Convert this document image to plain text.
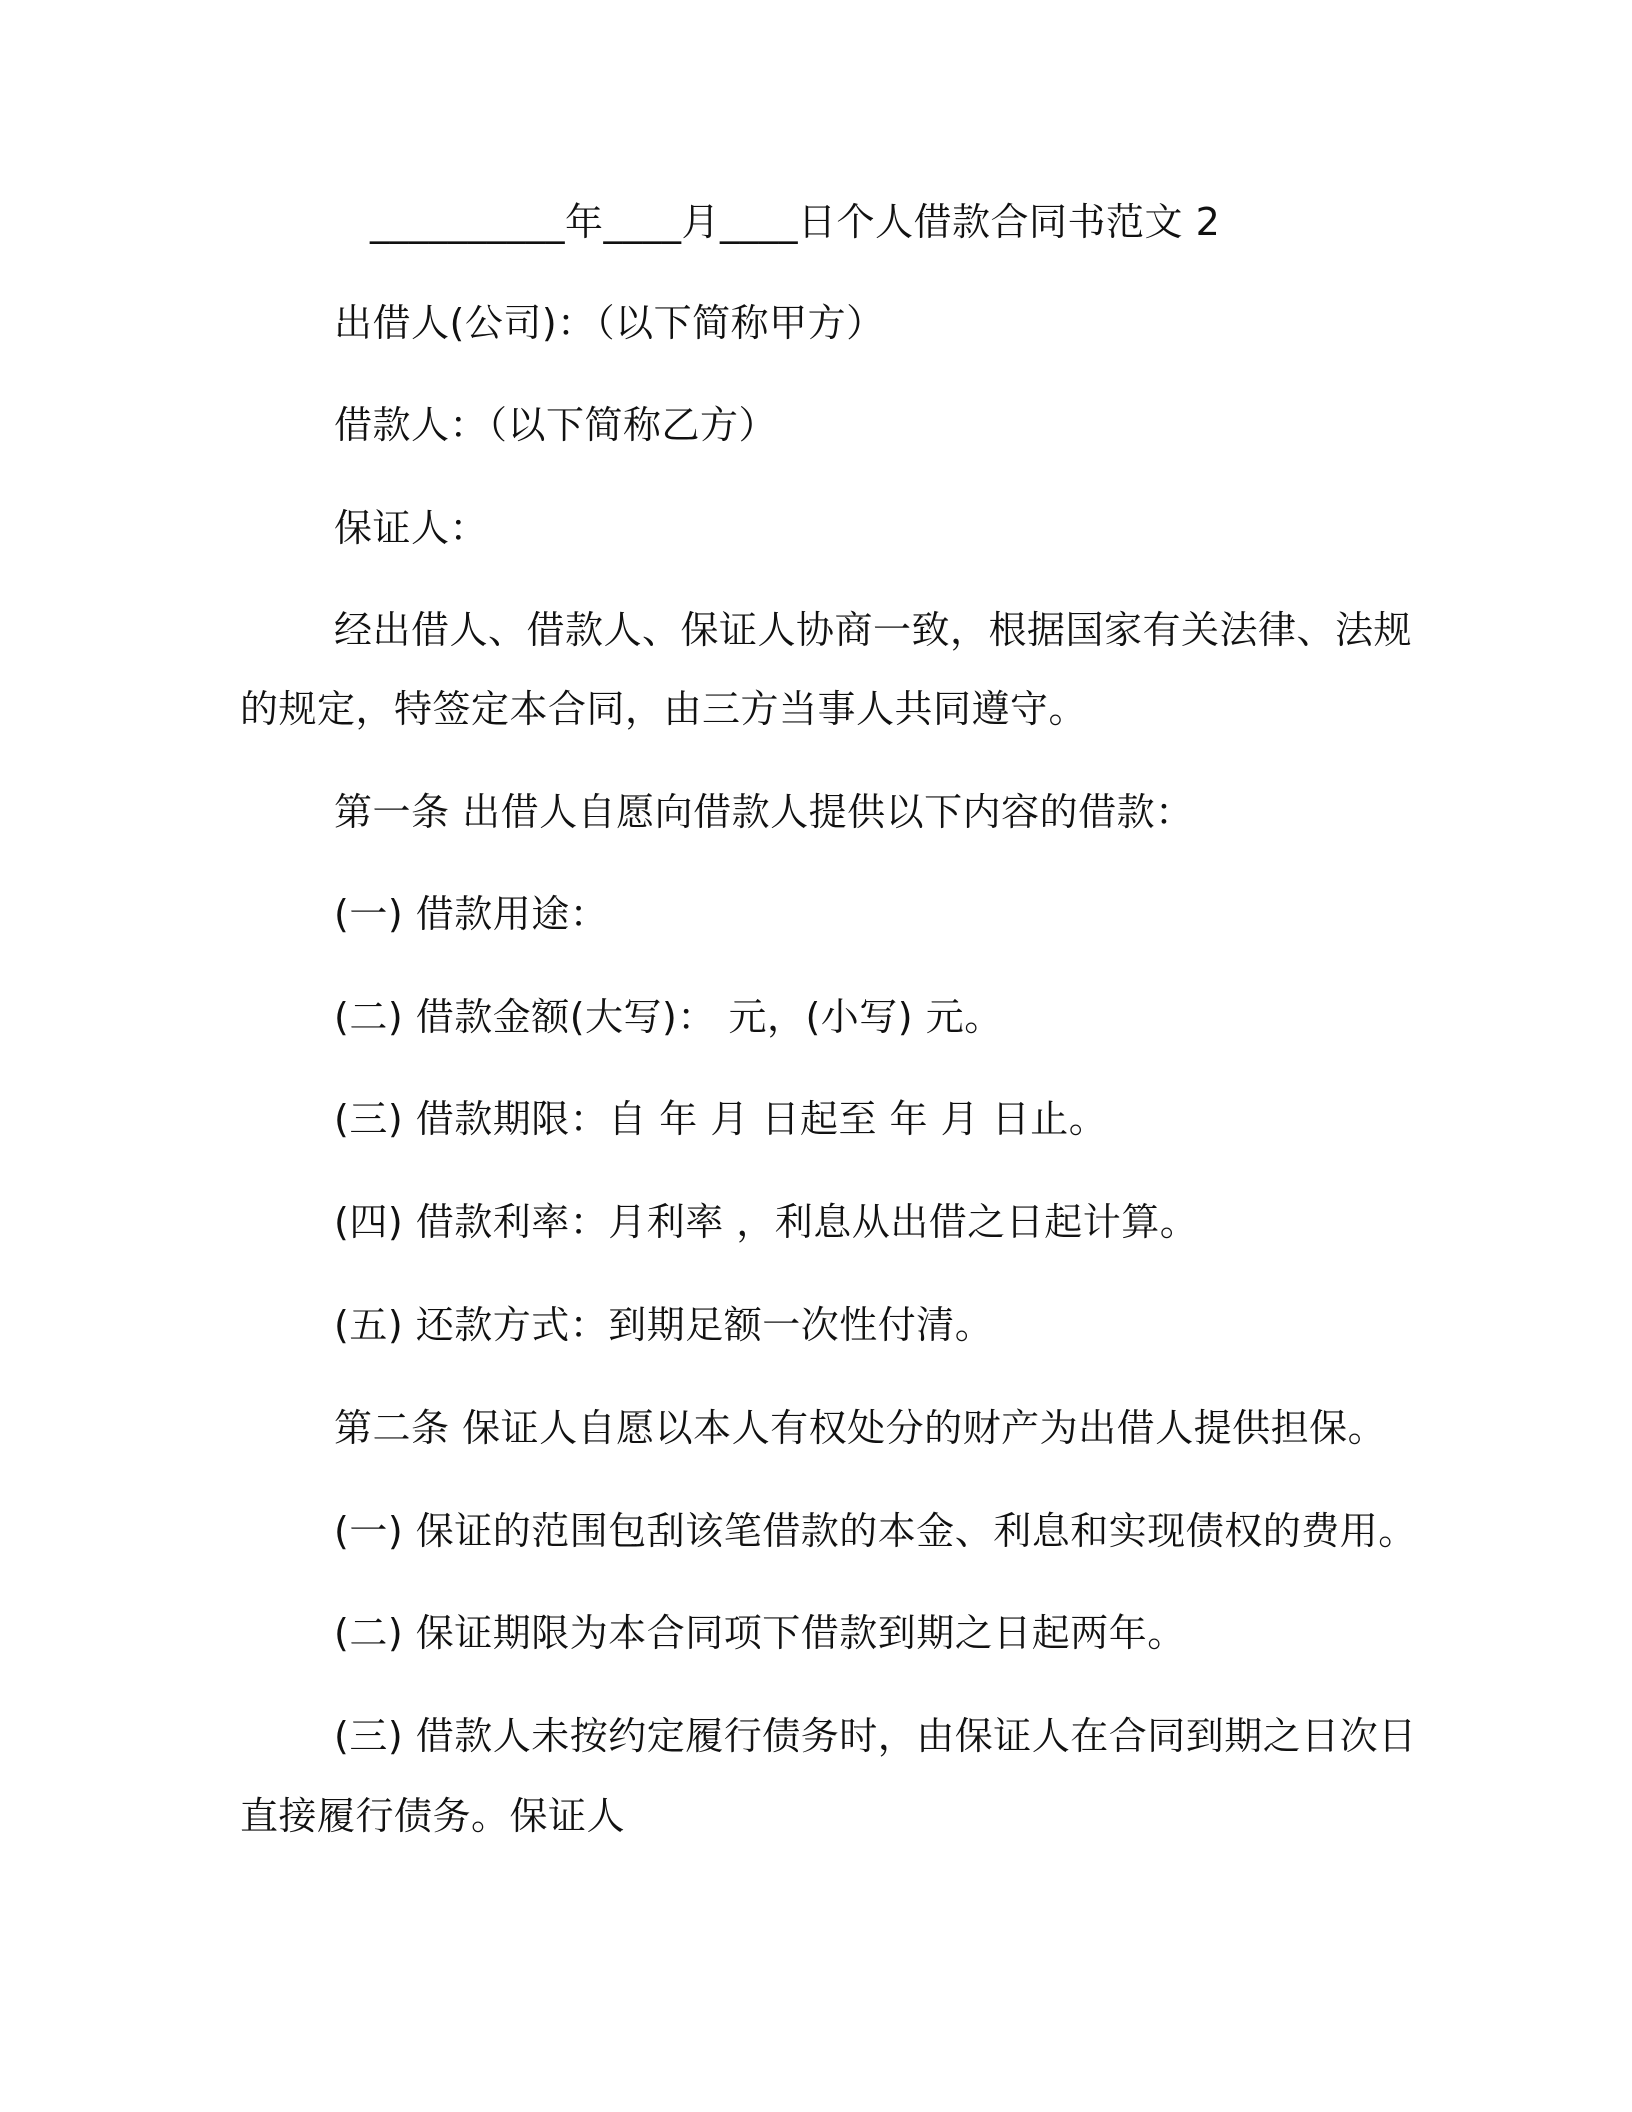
__________年____月____日个人借款合同书范文 2
出借人(公司)：（以下简称甲方）
借款人：（以下简称乙方）
保证人：
经出借人、借款人、保证人协商一致，根据国家有关法律、法规
的规定，特签定本合同，由三方当事人共同遵守。
第一条 出借人自愿向借款人提供以下内容的借款：
(一) 借款用途：
(二) 借款金额(大写)： 元，(小写) 元。
(三) 借款期限：自 年 月 日起至 年 月 日止。
(四) 借款利率：月利率 ，利息从出借之日起计算。
(五) 还款方式：到期足额一次性付清。
第二条 保证人自愿以本人有权处分的财产为出借人提供担保。
(一) 保证的范围包刮该笔借款的本金、利息和实现债权的费用。
(二) 保证期限为本合同项下借款到期之日起两年。
(三) 借款人未按约定履行债务时，由保证人在合同到期之日次日
直接履行债务。保证人
